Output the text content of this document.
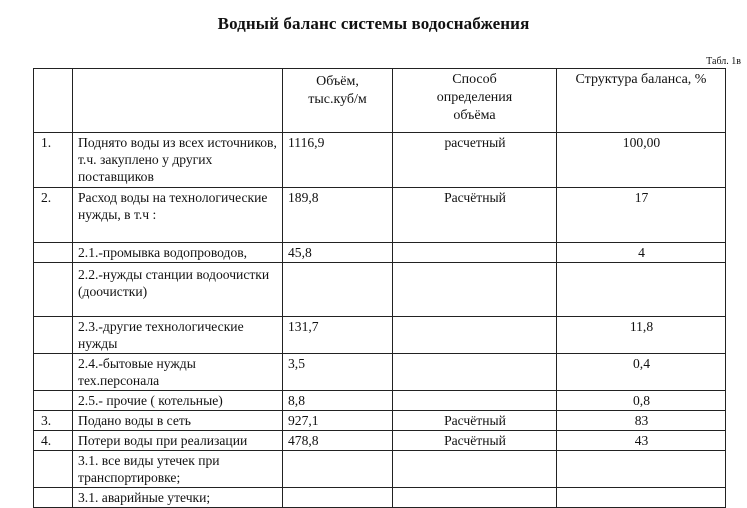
Водный баланс системы водоснабжения
Табл. 1в
		Объём, тыс.куб/м	Способ определения объёма	Структура баланса, %
1.	Поднято воды из всех источников, т.ч. закуплено у других поставщиков	1116,9	расчетный	100,00
2.	Расход воды на технологические нужды, в т.ч :	189,8	Расчётный	17
	2.1.-промывка водопроводов,	45,8		4
	2.2.-нужды станции водоочистки (доочистки)			
	2.3.-другие технологические нужды	131,7		11,8
	2.4.-бытовые нужды тех.персонала	3,5		0,4
	2.5.- прочие ( котельные)	8,8		0,8
3.	Подано воды в сеть	927,1	Расчётный	83
4.	Потери воды при реализации	478,8	Расчётный	43
	3.1. все виды утечек при транспортировке;			
	3.1. аварийные утечки;			
